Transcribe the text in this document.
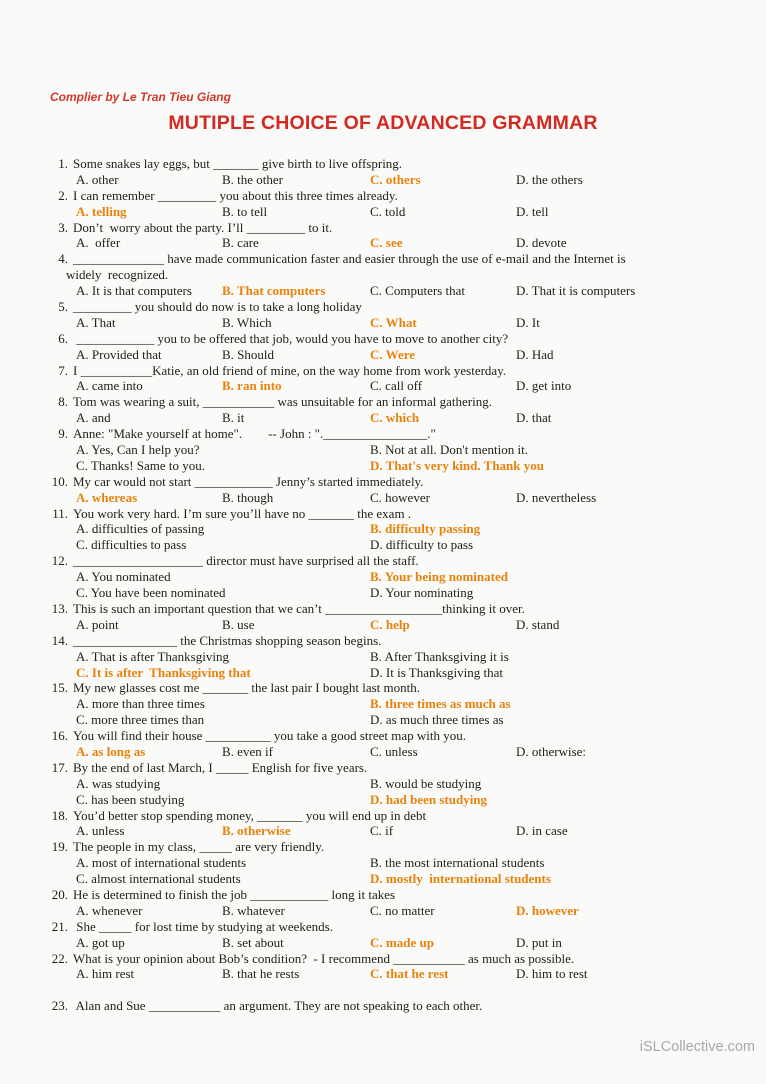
Complier by Le Tran Tieu Giang
MUTIPLE CHOICE OF ADVANCED GRAMMAR
1. Some snakes lay eggs, but _______ give birth to live offspring.
A. other	B. the other	C. others	D. the others
2. I can remember _________ you about this three times already.
A. telling	B. to tell	C. told	D. tell
3. Don’t  worry about the party. I’ll _________ to it.
A.  offer	B. care	C. see	D. devote
4. ______________ have made communication faster and easier through the use of e-mail and the Internet is
widely  recognized.
A. It is that computers	B. That computers	C. Computers that	D. That it is computers
5. _________ you should do now is to take a long holiday
A. That	B. Which	C. What	D. It
6. ____________ you to be offered that job, would you have to move to another city?
A. Provided that	B. Should	C. Were	D. Had
7. I ___________Katie, an old friend of mine, on the way home from work yesterday.
A. came into	B. ran into	C. call off	D. get into
8. Tom was wearing a suit, ___________ was unsuitable for an informal gathering.
A. and	B. it	C. which	D. that
9. Anne: "Make yourself at home".        -- John : ".________________."
A. Yes, Can I help you?	B. Not at all. Don't mention it.
C. Thanks! Same to you.	D. That's very kind. Thank you
10. My car would not start ____________ Jenny’s started immediately.
A. whereas	B. though	C. however	D. nevertheless
11. You work very hard. I’m sure you’ll have no _______ the exam .
A. difficulties of passing	B. difficulty passing
C. difficulties to pass	D. difficulty to pass
12. ____________________ director must have surprised all the staff.
A. You nominated	B. Your being nominated
C. You have been nominated	D. Your nominating
13. This is such an important question that we can’t __________________thinking it over.
A. point	B. use	C. help	D. stand
14. ________________ the Christmas shopping season begins.
A. That is after Thanksgiving	B. After Thanksgiving it is
C. It is after  Thanksgiving that	D. It is Thanksgiving that
15. My new glasses cost me _______ the last pair I bought last month.
A. more than three times	B. three times as much as
C. more three times than	D. as much three times as
16. You will find their house __________ you take a good street map with you.
A. as long as	B. even if	C. unless	D. otherwise:
17. By the end of last March, I _____ English for five years.
A. was studying	B. would be studying
C. has been studying	D. had been studying
18. You’d better stop spending money, _______ you will end up in debt
A. unless	B. otherwise	C. if	D. in case
19. The people in my class, _____ are very friendly.
A. most of international students	B. the most international students
C. almost international students	D. mostly  international students
20. He is determined to finish the job ____________ long it takes
A. whenever	B. whatever	C. no matter	D. however
21. She _____ for lost time by studying at weekends.
A. got up	B. set about	C. made up	D. put in
22. What is your opinion about Bob’s condition?  - I recommend ___________ as much as possible.
A. him rest	B. that he rests	C. that he rest	D. him to rest
23. Alan and Sue ___________ an argument. They are not speaking to each other.
iSLCollective.com
